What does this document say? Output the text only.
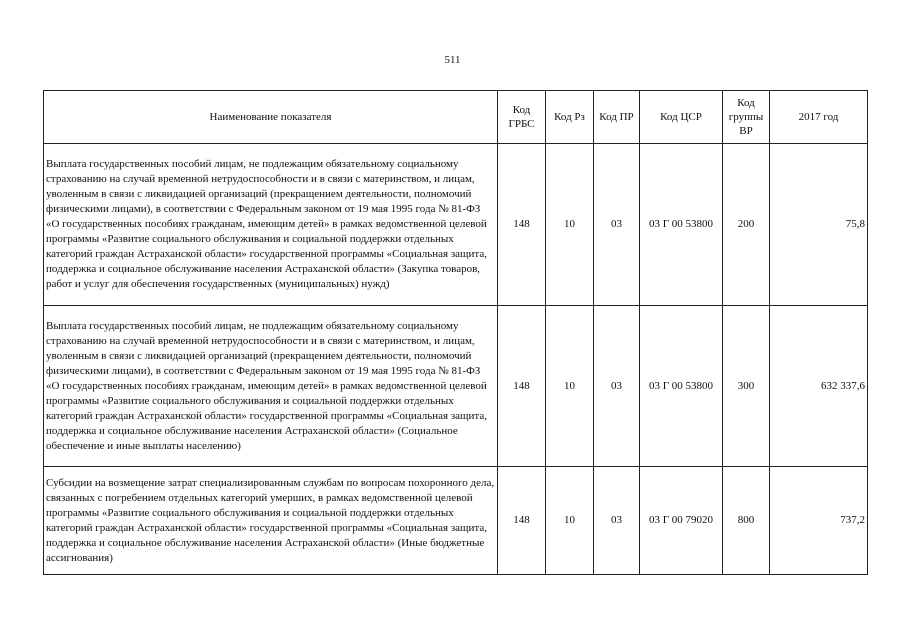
511
Наименование показателя	Код ГРБС	Код Рз	Код ПР	Код ЦСР	Код группы ВР	2017 год
Выплата государственных пособий лицам, не подлежащим обязательному социальному страхованию на случай временной нетрудоспособности и в связи с материнством, и лицам, уволенным в связи с ликвидацией организаций (прекращением деятельности, полномочий физическими лицами), в соответствии с Федеральным законом от 19 мая 1995 года № 81-ФЗ «О государственных пособиях гражданам, имеющим детей» в рамках ведомственной целевой программы «Развитие социального обслуживания и социальной поддержки отдельных категорий граждан Астраханской области» государственной программы «Социальная защита, поддержка и социальное обслуживание населения Астраханской области» (Закупка товаров, работ и услуг для обеспечения государственных (муниципальных) нужд)	148	10	03	03 Г 00 53800	200	75,8
Выплата государственных пособий лицам, не подлежащим обязательному социальному страхованию на случай временной нетрудоспособности и в связи с материнством, и лицам, уволенным в связи с ликвидацией организаций (прекращением деятельности, полномочий физическими лицами), в соответствии с Федеральным законом от 19 мая 1995 года № 81-ФЗ «О государственных пособиях гражданам, имеющим детей» в рамках ведомственной целевой программы «Развитие социального обслуживания и социальной поддержки отдельных категорий граждан Астраханской области» государственной программы «Социальная защита, поддержка и социальное обслуживание населения Астраханской области» (Социальное обеспечение и иные выплаты населению)	148	10	03	03 Г 00 53800	300	632 337,6
Субсидии на возмещение затрат специализированным службам по вопросам похоронного дела, связанных с погребением отдельных категорий умерших, в рамках ведомственной целевой программы «Развитие социального обслуживания и социальной поддержки отдельных категорий граждан Астраханской области» государственной программы «Социальная защита, поддержка и социальное обслуживание населения Астраханской области» (Иные бюджетные ассигнования)	148	10	03	03 Г 00 79020	800	737,2
